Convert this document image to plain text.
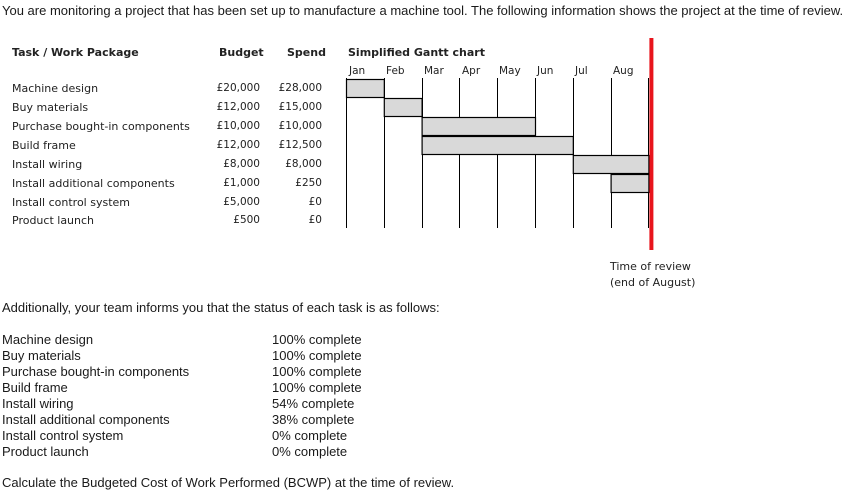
You are monitoring a project that has been set up to manufacture a machine tool. The following information shows the project at the time of review.
Task / Work Package	Budget Spend Simplified Gantt chart
Jan Feb Mar Apr May Jun Jul Aug
Machine design	£20,000	£28,000
Buy materials	£12,000	£15,000
Purchase bought-in components	£10,000	£10,000
Build frame	£12,000	£12,500
Install wiring	£8,000	£8,000
Install additional components	£1,000	£250
Install control system	£5,000	£0
Product launch	£500	£0
Time of review
(end of August)
Additionally, your team informs you that the status of each task is as follows:
Machine design	100% complete
Buy materials	100% complete
Purchase bought-in components	100% complete
Build frame	100% complete
Install wiring	54% complete
Install additional components	38% complete
Install control system	0% complete
Product launch	0% complete
Calculate the Budgeted Cost of Work Performed (BCWP) at the time of review.
